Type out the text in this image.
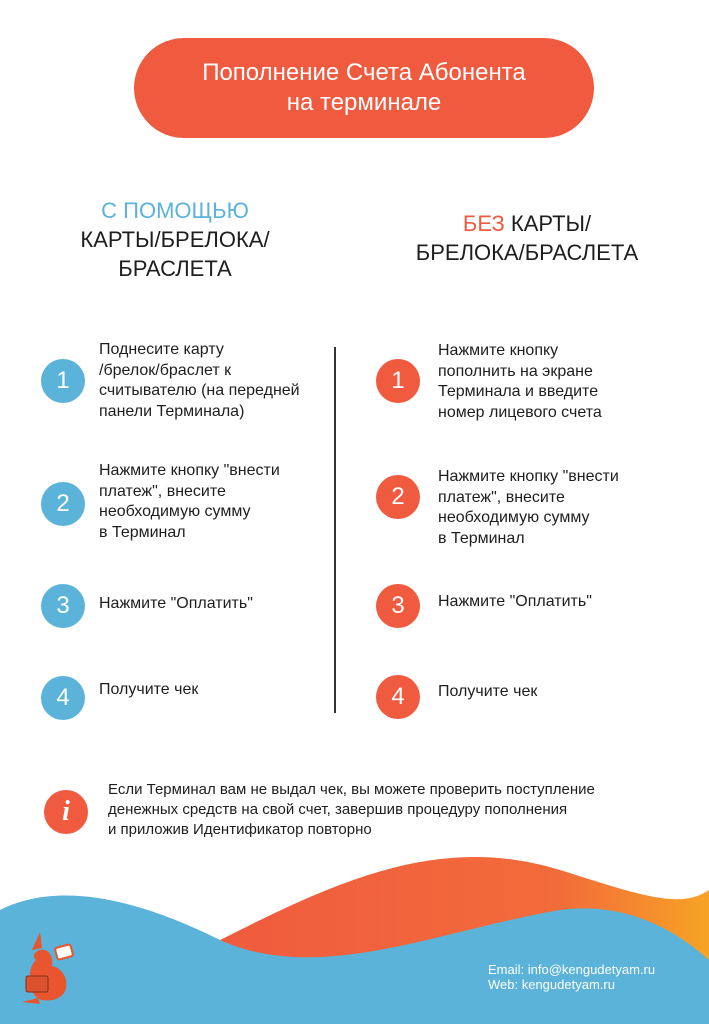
Пополнение Счета Абонента
на терминале
С ПОМОЩЬЮ
КАРТЫ/БРЕЛОКА/
БРАСЛЕТА
БЕЗ КАРТЫ/
БРЕЛОКА/БРАСЛЕТА
1
Поднесите карту
/брелок/браслет к
считывателю (на передней
панели Терминала)
2
Нажмите кнопку "внести
платеж", внесите
необходимую сумму
в Терминал
3	Нажмите "Оплатить"
4	Получите чек
1
Нажмите кнопку
пополнить на экране
Терминала и введите
номер лицевого счета
2
Нажмите кнопку "внести
платеж", внесите
необходимую сумму
в Терминал
3	Нажмите "Оплатить"
4	Получите чек
i
Если Терминал вам не выдал чек, вы можете проверить поступление
денежных средств на свой счет, завершив процедуру пополнения
и приложив Идентификатор повторно
Email: info@kengudetyam.ru
Web: kengudetyam.ru
